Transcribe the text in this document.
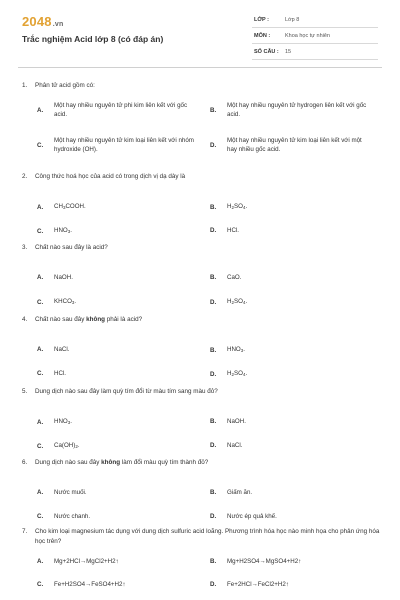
2048.vn
Trắc nghiệm Acid lớp 8 (có đáp án)
LỚP :	Lớp 8
MÔN :	Khoa học tự nhiên
SỐ CÂU :	15
1. Phân tử acid gồm có:
A.
Một hay nhiều nguyên tử phi kim liên kết với gốc acid.
B.
Một hay nhiều nguyên tử hydrogen liên kết với gốc acid.
C.
Một hay nhiều nguyên tử kim loại liên kết với nhóm hydroxide (OH).
D.
Một hay nhiều nguyên tử kim loại liên kết với một hay nhiều gốc acid.
2. Công thức hoá học của acid có trong dịch vị dạ dày là
A.	$CH_3COOH$.	B.	$H_2SO_4$.
C.	$HNO_3$.	D.	HCl.
3. Chất nào sau đây là acid?
A.	NaOH.	B.	CaO.
C.	$KHCO_3$.	D.	$H_2SO_4$.
4. Chất nào sau đây không phải là acid?
A.	NaCl.	B.	$HNO_3$.
C.	HCl.	D.	$H_2SO_4$.
5. Dung dịch nào sau đây làm quỳ tím đổi từ màu tím sang màu đỏ?
A.	$HNO_3$.	B.	NaOH.
C.	$Ca(OH)_2$.	D.	NaCl.
6. Dung dịch nào sau đây không làm đổi màu quỳ tím thành đỏ?
A.	Nước muối.	B.	Giấm ăn.
C.	Nước chanh.	D.	Nước ép quả khế.
7. Cho kim loại magnesium tác dụng với dung dịch sulfuric acid loãng. Phương trình hóa học nào minh họa cho phản ứng hóa học trên?
A.	Mg+2HCl→MgCl2+H2↑	B.	Mg+H2SO4→MgSO4+H2↑
C.	Fe+H2SO4→FeSO4+H2↑	D.	Fe+2HCl→FeCl2+H2↑
